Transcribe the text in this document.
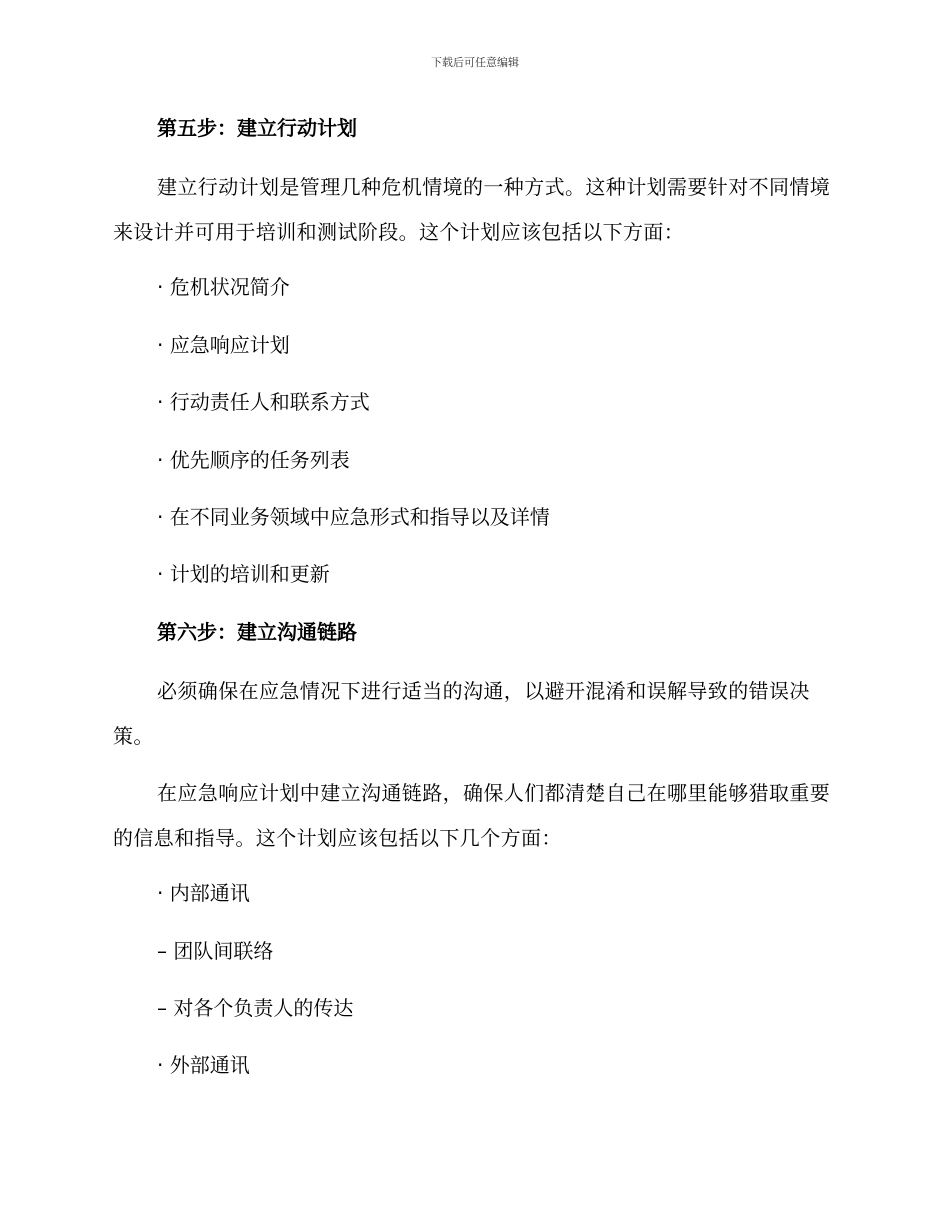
下载后可任意编辑
第五步：建立行动计划
建立行动计划是管理几种危机情境的一种方式。这种计划需要针对不同情境来设计并可用于培训和测试阶段。这个计划应该包括以下方面：
· 危机状况简介
· 应急响应计划
· 行动责任人和联系方式
· 优先顺序的任务列表
· 在不同业务领域中应急形式和指导以及详情
· 计划的培训和更新
第六步：建立沟通链路
必须确保在应急情况下进行适当的沟通，以避开混淆和误解导致的错误决策。
在应急响应计划中建立沟通链路，确保人们都清楚自己在哪里能够猎取重要的信息和指导。这个计划应该包括以下几个方面：
· 内部通讯
– 团队间联络
– 对各个负责人的传达
· 外部通讯
